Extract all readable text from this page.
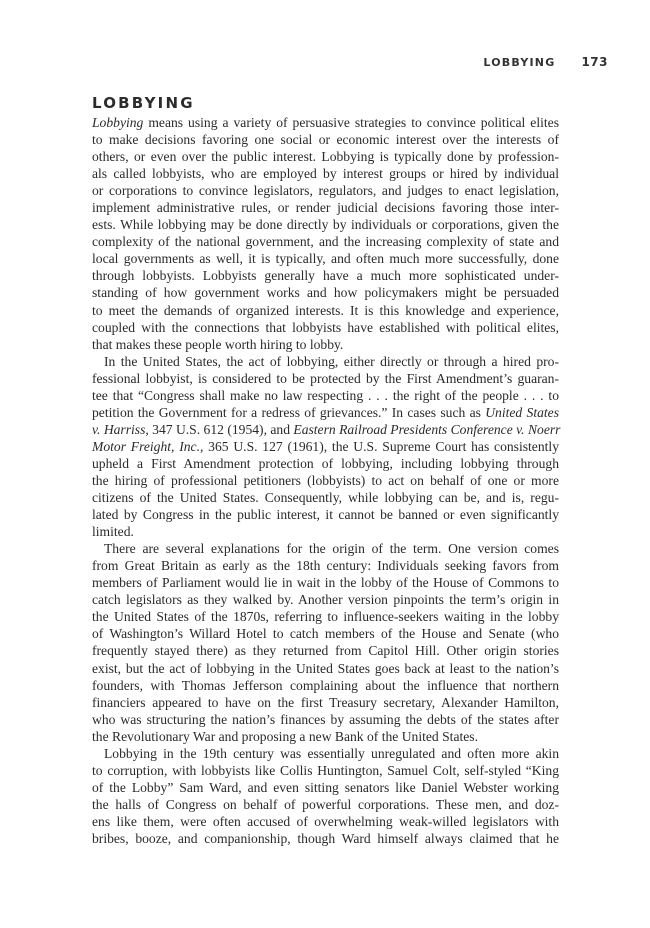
LOBBYING 173
LOBBYING
Lobbying means using a variety of persuasive strategies to convince political elites
to make decisions favoring one social or economic interest over the interests of
others, or even over the public interest. Lobbying is typically done by profession-
als called lobbyists, who are employed by interest groups or hired by individual
or corporations to convince legislators, regulators, and judges to enact legislation,
implement administrative rules, or render judicial decisions favoring those inter-
ests. While lobbying may be done directly by individuals or corporations, given the
complexity of the national government, and the increasing complexity of state and
local governments as well, it is typically, and often much more successfully, done
through lobbyists. Lobbyists generally have a much more sophisticated under-
standing of how government works and how policymakers might be persuaded
to meet the demands of organized interests. It is this knowledge and experience,
coupled with the connections that lobbyists have established with political elites,
that makes these people worth hiring to lobby.
In the United States, the act of lobbying, either directly or through a hired pro-
fessional lobbyist, is considered to be protected by the First Amendment’s guaran-
tee that “Congress shall make no law respecting . . . the right of the people . . . to
petition the Government for a redress of grievances.” In cases such as United States
v. Harriss, 347 U.S. 612 (1954), and Eastern Railroad Presidents Conference v. Noerr
Motor Freight, Inc., 365 U.S. 127 (1961), the U.S. Supreme Court has consistently
upheld a First Amendment protection of lobbying, including lobbying through
the hiring of professional petitioners (lobbyists) to act on behalf of one or more
citizens of the United States. Consequently, while lobbying can be, and is, regu-
lated by Congress in the public interest, it cannot be banned or even significantly
limited.
There are several explanations for the origin of the term. One version comes
from Great Britain as early as the 18th century: Individuals seeking favors from
members of Parliament would lie in wait in the lobby of the House of Commons to
catch legislators as they walked by. Another version pinpoints the term’s origin in
the United States of the 1870s, referring to influence-seekers waiting in the lobby
of Washington’s Willard Hotel to catch members of the House and Senate (who
frequently stayed there) as they returned from Capitol Hill. Other origin stories
exist, but the act of lobbying in the United States goes back at least to the nation’s
founders, with Thomas Jefferson complaining about the influence that northern
financiers appeared to have on the first Treasury secretary, Alexander Hamilton,
who was structuring the nation’s finances by assuming the debts of the states after
the Revolutionary War and proposing a new Bank of the United States.
Lobbying in the 19th century was essentially unregulated and often more akin
to corruption, with lobbyists like Collis Huntington, Samuel Colt, self-styled “King
of the Lobby” Sam Ward, and even sitting senators like Daniel Webster working
the halls of Congress on behalf of powerful corporations. These men, and doz-
ens like them, were often accused of overwhelming weak-willed legislators with
bribes, booze, and companionship, though Ward himself always claimed that he
